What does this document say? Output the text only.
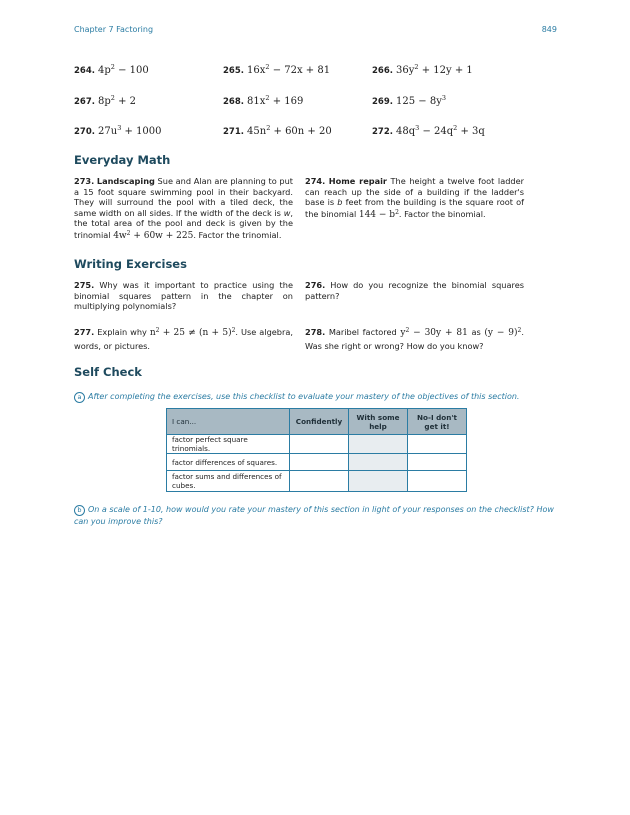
Chapter 7 Factoring	849
264. $4p^2 - 100$	265. $16x^2 - 72x + 81$	266. $36y^2 + 12y + 1$
267. $8p^2 + 2$	268. $81x^2 + 169$	269. $125 - 8y^3$
270. $27u^3 + 1000$	271. $45n^2 + 60n + 20$	272. $48q^3 - 24q^2 + 3q$
Everyday Math
273. Landscaping Sue and Alan are planning to put a 15 foot square swimming pool in their backyard. They will surround the pool with a tiled deck, the same width on all sides. If the width of the deck is w, the total area of the pool and deck is given by the trinomial $4w^2 + 60w + 225$. Factor the trinomial.
274. Home repair The height a twelve foot ladder can reach up the side of a building if the ladder's base is b feet from the building is the square root of the binomial $144 - b^2$. Factor the binomial.
Writing Exercises
275. Why was it important to practice using the binomial squares pattern in the chapter on multiplying polynomials?
276. How do you recognize the binomial squares pattern?
277. Explain why $n^2 + 25 \ne (n + 5)^2$. Use algebra, words, or pictures.
278. Maribel factored $y^2 - 30y + 81$ as $(y - 9)^2$. Was she right or wrong? How do you know?
Self Check
a After completing the exercises, use this checklist to evaluate your mastery of the objectives of this section.
I can...	Confidently	With some help	No-I don't get it!
factor perfect square trinomials.			
factor differences of squares.			
factor sums and differences of cubes.			
b On a scale of 1-10, how would you rate your mastery of this section in light of your responses on the checklist? How can you improve this?
